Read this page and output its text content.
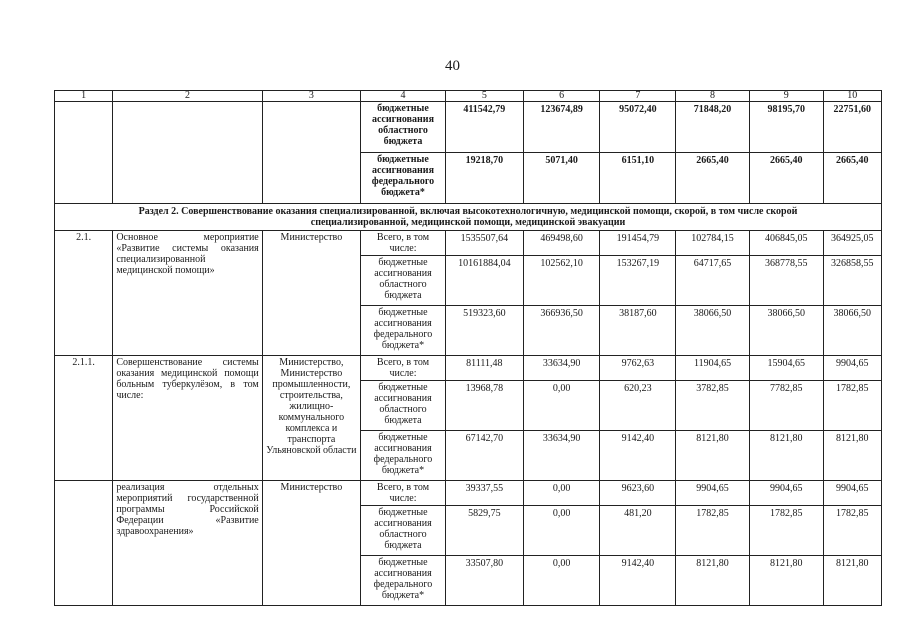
40
1	2	3	4	5	6	7	8	9	10
			бюджетные ассигнования областного бюджета	411542,79	123674,89	95072,40	71848,20	98195,70	22751,60
			бюджетные ассигнования федерального бюджета*	19218,70	5071,40	6151,10	2665,40	2665,40	2665,40
Раздел 2. Совершенствование оказания специализированной, включая высокотехнологичную, медицинской помощи, скорой, в том числе скорой специализированной, медицинской помощи, медицинской эвакуации									
2.1.	Основное мероприятие «Развитие системы оказания специализированной медицинской помощи»	Министерство	Всего, в том числе:	1535507,64	469498,60	191454,79	102784,15	406845,05	364925,05
			бюджетные ассигнования областного бюджета	10161884,04	102562,10	153267,19	64717,65	368778,55	326858,55
			бюджетные ассигнования федерального бюджета*	519323,60	366936,50	38187,60	38066,50	38066,50	38066,50
2.1.1.	Совершенствование системы оказания медицинской помощи больным туберкулёзом, в том числе:	Министерство, Министерство промышленности, строительства, жилищно-коммунального комплекса и транспорта Ульяновской области	Всего, в том числе:	81111,48	33634,90	9762,63	11904,65	15904,65	9904,65
			бюджетные ассигнования областного бюджета	13968,78	0,00	620,23	3782,85	7782,85	1782,85
			бюджетные ассигнования федерального бюджета*	67142,70	33634,90	9142,40	8121,80	8121,80	8121,80
	реализация отдельных мероприятий государственной программы Российской Федерации «Развитие здравоохранения»	Министерство	Всего, в том числе:	39337,55	0,00	9623,60	9904,65	9904,65	9904,65
			бюджетные ассигнования областного бюджета	5829,75	0,00	481,20	1782,85	1782,85	1782,85
			бюджетные ассигнования федерального бюджета*	33507,80	0,00	9142,40	8121,80	8121,80	8121,80
